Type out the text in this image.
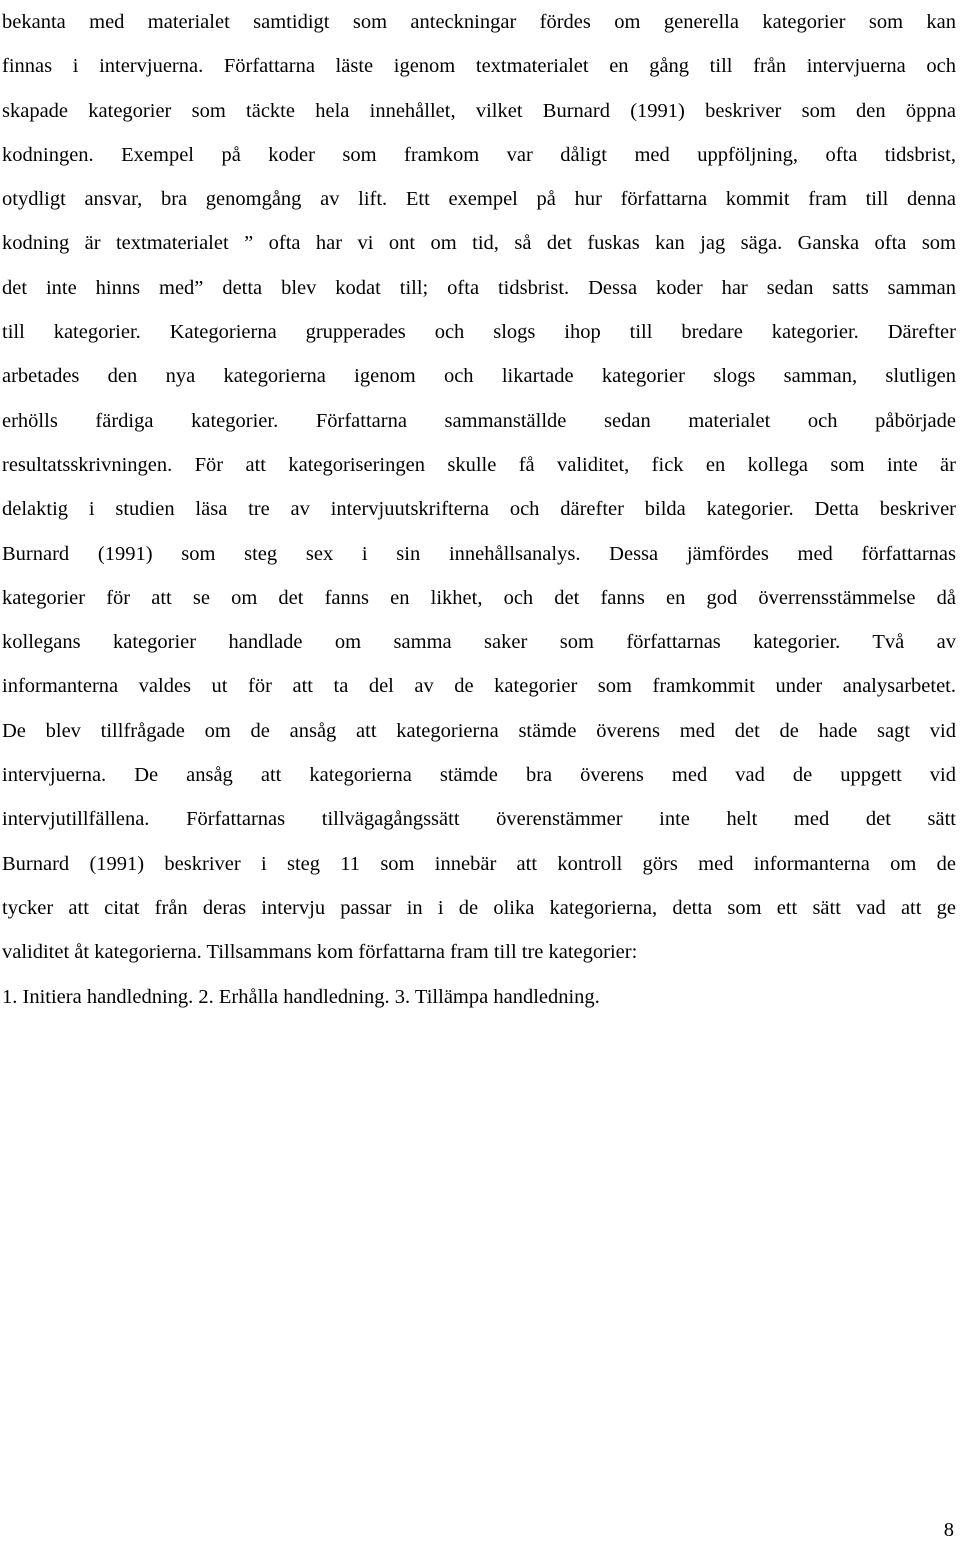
bekanta med materialet samtidigt som anteckningar fördes om generella kategorier som kan
finnas i intervjuerna. Författarna läste igenom textmaterialet en gång till från intervjuerna och
skapade kategorier som täckte hela innehållet, vilket Burnard (1991) beskriver som den öppna
kodningen. Exempel på koder som framkom var dåligt med uppföljning, ofta tidsbrist,
otydligt ansvar, bra genomgång av lift. Ett exempel på hur författarna kommit fram till denna
kodning är textmaterialet ” ofta har vi ont om tid, så det fuskas kan jag säga. Ganska ofta som
det inte hinns med” detta blev kodat till; ofta tidsbrist. Dessa koder har sedan satts samman
till kategorier. Kategorierna grupperades och slogs ihop till bredare kategorier. Därefter
arbetades den nya kategorierna igenom och likartade kategorier slogs samman, slutligen
erhölls färdiga kategorier. Författarna sammanställde sedan materialet och påbörjade
resultatsskrivningen. För att kategoriseringen skulle få validitet, fick en kollega som inte är
delaktig i studien läsa tre av intervjuutskrifterna och därefter bilda kategorier. Detta beskriver
Burnard (1991) som steg sex i sin innehållsanalys. Dessa jämfördes med författarnas
kategorier för att se om det fanns en likhet, och det fanns en god överrensstämmelse då
kollegans kategorier handlade om samma saker som författarnas kategorier. Två av
informanterna valdes ut för att ta del av de kategorier som framkommit under analysarbetet.
De blev tillfrågade om de ansåg att kategorierna stämde överens med det de hade sagt vid
intervjuerna. De ansåg att kategorierna stämde bra överens med vad de uppgett vid
intervjutillfällena. Författarnas tillvägagångssätt överenstämmer inte helt med det sätt
Burnard (1991) beskriver i steg 11 som innebär att kontroll görs med informanterna om de
tycker att citat från deras intervju passar in i de olika kategorierna, detta som ett sätt vad att ge
validitet åt kategorierna. Tillsammans kom författarna fram till tre kategorier:
1. Initiera handledning. 2. Erhålla handledning. 3. Tillämpa handledning.
8
